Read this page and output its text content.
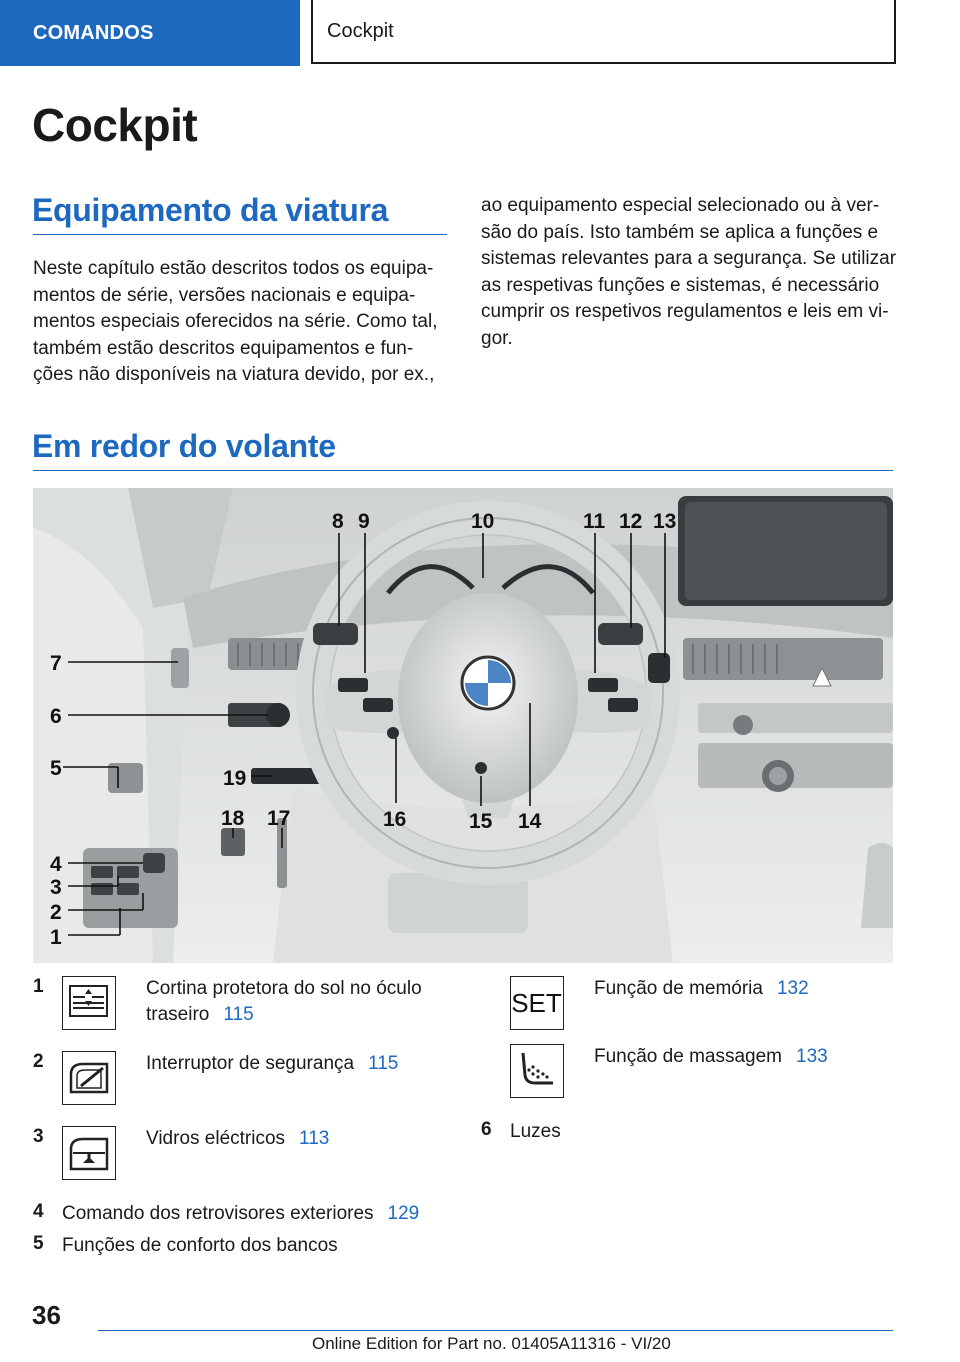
COMANDOS	Cockpit
Cockpit
Equipamento da viatura
Neste capítulo estão descritos todos os equipa-
mentos de série, versões nacionais e equipa-
mentos especiais oferecidos na série. Como tal,
também estão descritos equipamentos e fun-
ções não disponíveis na viatura devido, por ex.,
ao equipamento especial selecionado ou à ver-
são do país. Isto também se aplica a funções e
sistemas relevantes para a segurança. Se utilizar
as respetivas funções e sistemas, é necessário
cumprir os respetivos regulamentos e leis em vi-
gor.
Em redor do volante
1
2
3
4
5
6
7
8 9	10	11 12 13
14
15
16
17
18
19
1	Cortina protetora do sol no óculo
traseiro 115
2	Interruptor de segurança 115
3	Vidros eléctricos 113
4 Comando dos retrovisores exteriores 129
5 Funções de conforto dos bancos
SET Função de memória 132
Função de massagem 133
6 Luzes
36
Online Edition for Part no. 01405A11316 - VI/20
